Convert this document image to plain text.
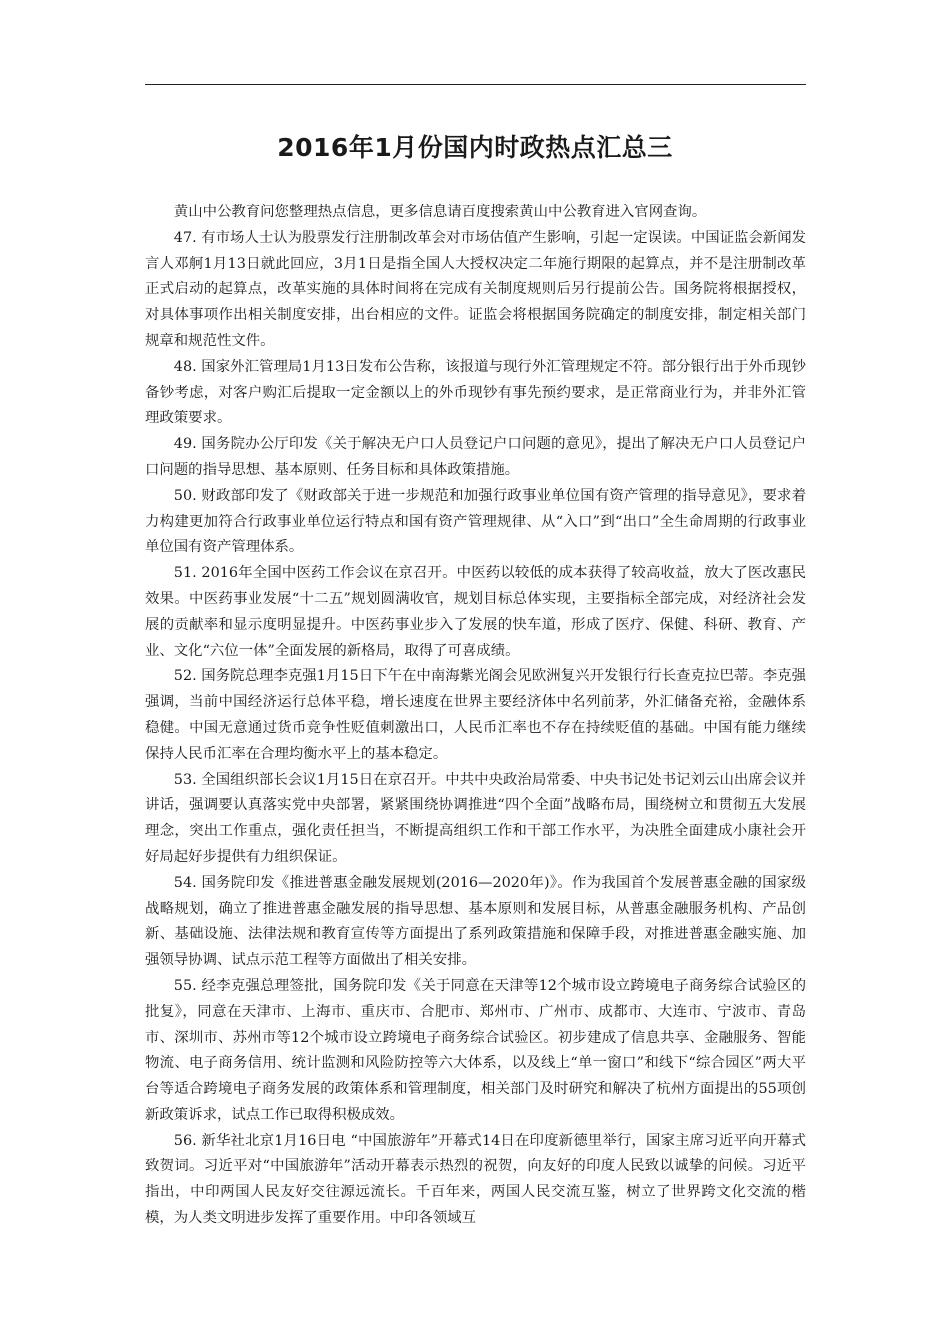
2016年1月份国内时政热点汇总三

黄山中公教育问您整理热点信息，更多信息请百度搜索黄山中公教育进入官网查询。

47. 有市场人士认为股票发行注册制改革会对市场估值产生影响，引起一定误读。中国证监会新闻发言人邓舸1月13日就此回应，3月1日是指全国人大授权决定二年施行期限的起算点，并不是注册制改革正式启动的起算点，改革实施的具体时间将在完成有关制度规则后另行提前公告。国务院将根据授权，对具体事项作出相关制度安排，出台相应的文件。证监会将根据国务院确定的制度安排，制定相关部门规章和规范性文件。

48. 国家外汇管理局1月13日发布公告称，该报道与现行外汇管理规定不符。部分银行出于外币现钞备钞考虑，对客户购汇后提取一定金额以上的外币现钞有事先预约要求，是正常商业行为，并非外汇管理政策要求。

49. 国务院办公厅印发《关于解决无户口人员登记户口问题的意见》，提出了解决无户口人员登记户口问题的指导思想、基本原则、任务目标和具体政策措施。

50. 财政部印发了《财政部关于进一步规范和加强行政事业单位国有资产管理的指导意见》，要求着力构建更加符合行政事业单位运行特点和国有资产管理规律、从“入口”到“出口”全生命周期的行政事业单位国有资产管理体系。

51. 2016年全国中医药工作会议在京召开。中医药以较低的成本获得了较高收益，放大了医改惠民效果。中医药事业发展“十二五”规划圆满收官，规划目标总体实现，主要指标全部完成，对经济社会发展的贡献率和显示度明显提升。中医药事业步入了发展的快车道，形成了医疗、保健、科研、教育、产业、文化“六位一体”全面发展的新格局，取得了可喜成绩。

52. 国务院总理李克强1月15日下午在中南海紫光阁会见欧洲复兴开发银行行长查克拉巴蒂。李克强强调，当前中国经济运行总体平稳，增长速度在世界主要经济体中名列前茅，外汇储备充裕，金融体系稳健。中国无意通过货币竞争性贬值刺激出口，人民币汇率也不存在持续贬值的基础。中国有能力继续保持人民币汇率在合理均衡水平上的基本稳定。

53. 全国组织部长会议1月15日在京召开。中共中央政治局常委、中央书记处书记刘云山出席会议并讲话，强调要认真落实党中央部署，紧紧围绕协调推进“四个全面”战略布局，围绕树立和贯彻五大发展理念，突出工作重点，强化责任担当，不断提高组织工作和干部工作水平，为决胜全面建成小康社会开好局起好步提供有力组织保证。

54. 国务院印发《推进普惠金融发展规划(2016—2020年)》。作为我国首个发展普惠金融的国家级战略规划，确立了推进普惠金融发展的指导思想、基本原则和发展目标，从普惠金融服务机构、产品创新、基础设施、法律法规和教育宣传等方面提出了系列政策措施和保障手段，对推进普惠金融实施、加强领导协调、试点示范工程等方面做出了相关安排。

55. 经李克强总理签批，国务院印发《关于同意在天津等12个城市设立跨境电子商务综合试验区的批复》，同意在天津市、上海市、重庆市、合肥市、郑州市、广州市、成都市、大连市、宁波市、青岛市、深圳市、苏州市等12个城市设立跨境电子商务综合试验区。初步建成了信息共享、金融服务、智能物流、电子商务信用、统计监测和风险防控等六大体系，以及线上“单一窗口”和线下“综合园区”两大平台等适合跨境电子商务发展的政策体系和管理制度，相关部门及时研究和解决了杭州方面提出的55项创新政策诉求，试点工作已取得积极成效。

56. 新华社北京1月16日电 “中国旅游年”开幕式14日在印度新德里举行，国家主席习近平向开幕式致贺词。习近平对“中国旅游年”活动开幕表示热烈的祝贺，向友好的印度人民致以诚挚的问候。习近平指出，中印两国人民友好交往源远流长。千百年来，两国人民交流互鉴，树立了世界跨文化交流的楷模，为人类文明进步发挥了重要作用。中印各领域互
